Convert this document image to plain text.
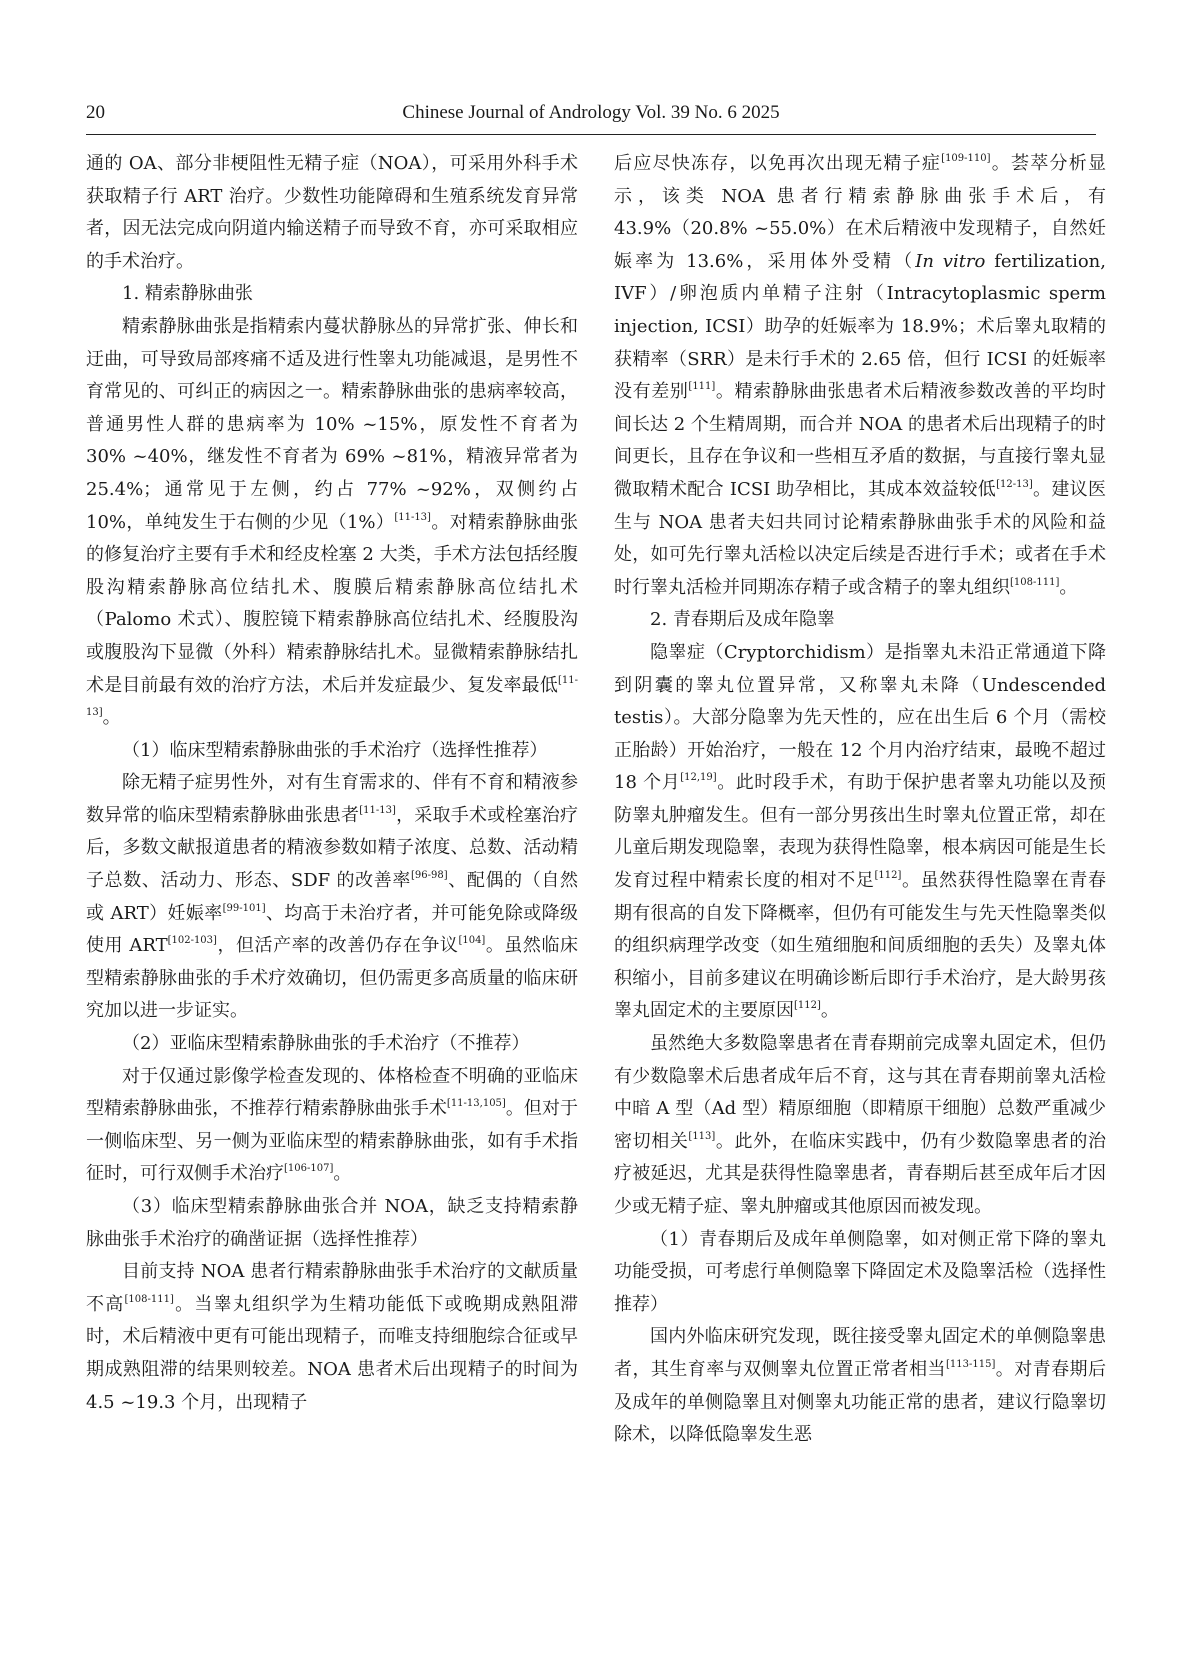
20	Chinese Journal of Andrology Vol. 39 No. 6 2025

通的 OA、部分非梗阻性无精子症（NOA），可采用外科手术获取精子行 ART 治疗。少数性功能障碍和生殖系统发育异常者，因无法完成向阴道内输送精子而导致不育，亦可采取相应的手术治疗。

1. 精索静脉曲张

精索静脉曲张是指精索内蔓状静脉丛的异常扩张、伸长和迂曲，可导致局部疼痛不适及进行性睾丸功能减退，是男性不育常见的、可纠正的病因之一。精索静脉曲张的患病率较高，普通男性人群的患病率为 10% ~15%，原发性不育者为 30% ~40%，继发性不育者为 69% ~81%，精液异常者为 25.4%；通常见于左侧，约占 77% ~92%，双侧约占 10%，单纯发生于右侧的少见（1%）[11-13]。对精索静脉曲张的修复治疗主要有手术和经皮栓塞 2 大类，手术方法包括经腹股沟精索静脉高位结扎术、腹膜后精索静脉高位结扎术（Palomo 术式）、腹腔镜下精索静脉高位结扎术、经腹股沟或腹股沟下显微（外科）精索静脉结扎术。显微精索静脉结扎术是目前最有效的治疗方法，术后并发症最少、复发率最低[11-13]。

（1）临床型精索静脉曲张的手术治疗（选择性推荐）

除无精子症男性外，对有生育需求的、伴有不育和精液参数异常的临床型精索静脉曲张患者[11-13]，采取手术或栓塞治疗后，多数文献报道患者的精液参数如精子浓度、总数、活动精子总数、活动力、形态、SDF 的改善率[96-98]、配偶的（自然或 ART）妊娠率[99-101]、均高于未治疗者，并可能免除或降级使用 ART[102-103]，但活产率的改善仍存在争议[104]。虽然临床型精索静脉曲张的手术疗效确切，但仍需更多高质量的临床研究加以进一步证实。

（2）亚临床型精索静脉曲张的手术治疗（不推荐）

对于仅通过影像学检查发现的、体格检查不明确的亚临床型精索静脉曲张，不推荐行精索静脉曲张手术[11-13,105]。但对于一侧临床型、另一侧为亚临床型的精索静脉曲张，如有手术指征时，可行双侧手术治疗[106-107]。

（3）临床型精索静脉曲张合并 NOA，缺乏支持精索静脉曲张手术治疗的确凿证据（选择性推荐）

目前支持 NOA 患者行精索静脉曲张手术治疗的文献质量不高[108-111]。当睾丸组织学为生精功能低下或晚期成熟阻滞时，术后精液中更有可能出现精子，而唯支持细胞综合征或早期成熟阻滞的结果则较差。NOA 患者术后出现精子的时间为 4.5 ~19.3 个月，出现精子

后应尽快冻存，以免再次出现无精子症[109-110]。荟萃分析显示，该类 NOA 患者行精索静脉曲张手术后，有 43.9%（20.8% ~55.0%）在术后精液中发现精子，自然妊娠率为 13.6%，采用体外受精（In vitro fertilization, IVF）/卵泡质内单精子注射（Intracytoplasmic sperm injection, ICSI）助孕的妊娠率为 18.9%；术后睾丸取精的获精率（SRR）是未行手术的 2.65 倍，但行 ICSI 的妊娠率没有差别[111]。精索静脉曲张患者术后精液参数改善的平均时间长达 2 个生精周期，而合并 NOA 的患者术后出现精子的时间更长，且存在争议和一些相互矛盾的数据，与直接行睾丸显微取精术配合 ICSI 助孕相比，其成本效益较低[12-13]。建议医生与 NOA 患者夫妇共同讨论精索静脉曲张手术的风险和益处，如可先行睾丸活检以决定后续是否进行手术；或者在手术时行睾丸活检并同期冻存精子或含精子的睾丸组织[108-111]。

2. 青春期后及成年隐睾

隐睾症（Cryptorchidism）是指睾丸未沿正常通道下降到阴囊的睾丸位置异常，又称睾丸未降（Undescended testis）。大部分隐睾为先天性的，应在出生后 6 个月（需校正胎龄）开始治疗，一般在 12 个月内治疗结束，最晚不超过 18 个月[12,19]。此时段手术，有助于保护患者睾丸功能以及预防睾丸肿瘤发生。但有一部分男孩出生时睾丸位置正常，却在儿童后期发现隐睾，表现为获得性隐睾，根本病因可能是生长发育过程中精索长度的相对不足[112]。虽然获得性隐睾在青春期有很高的自发下降概率，但仍有可能发生与先天性隐睾类似的组织病理学改变（如生殖细胞和间质细胞的丢失）及睾丸体积缩小，目前多建议在明确诊断后即行手术治疗，是大龄男孩睾丸固定术的主要原因[112]。

虽然绝大多数隐睾患者在青春期前完成睾丸固定术，但仍有少数隐睾术后患者成年后不育，这与其在青春期前睾丸活检中暗 A 型（Ad 型）精原细胞（即精原干细胞）总数严重减少密切相关[113]。此外，在临床实践中，仍有少数隐睾患者的治疗被延迟，尤其是获得性隐睾患者，青春期后甚至成年后才因少或无精子症、睾丸肿瘤或其他原因而被发现。

（1）青春期后及成年单侧隐睾，如对侧正常下降的睾丸功能受损，可考虑行单侧隐睾下降固定术及隐睾活检（选择性推荐）

国内外临床研究发现，既往接受睾丸固定术的单侧隐睾患者，其生育率与双侧睾丸位置正常者相当[113-115]。对青春期后及成年的单侧隐睾且对侧睾丸功能正常的患者，建议行隐睾切除术，以降低隐睾发生恶
